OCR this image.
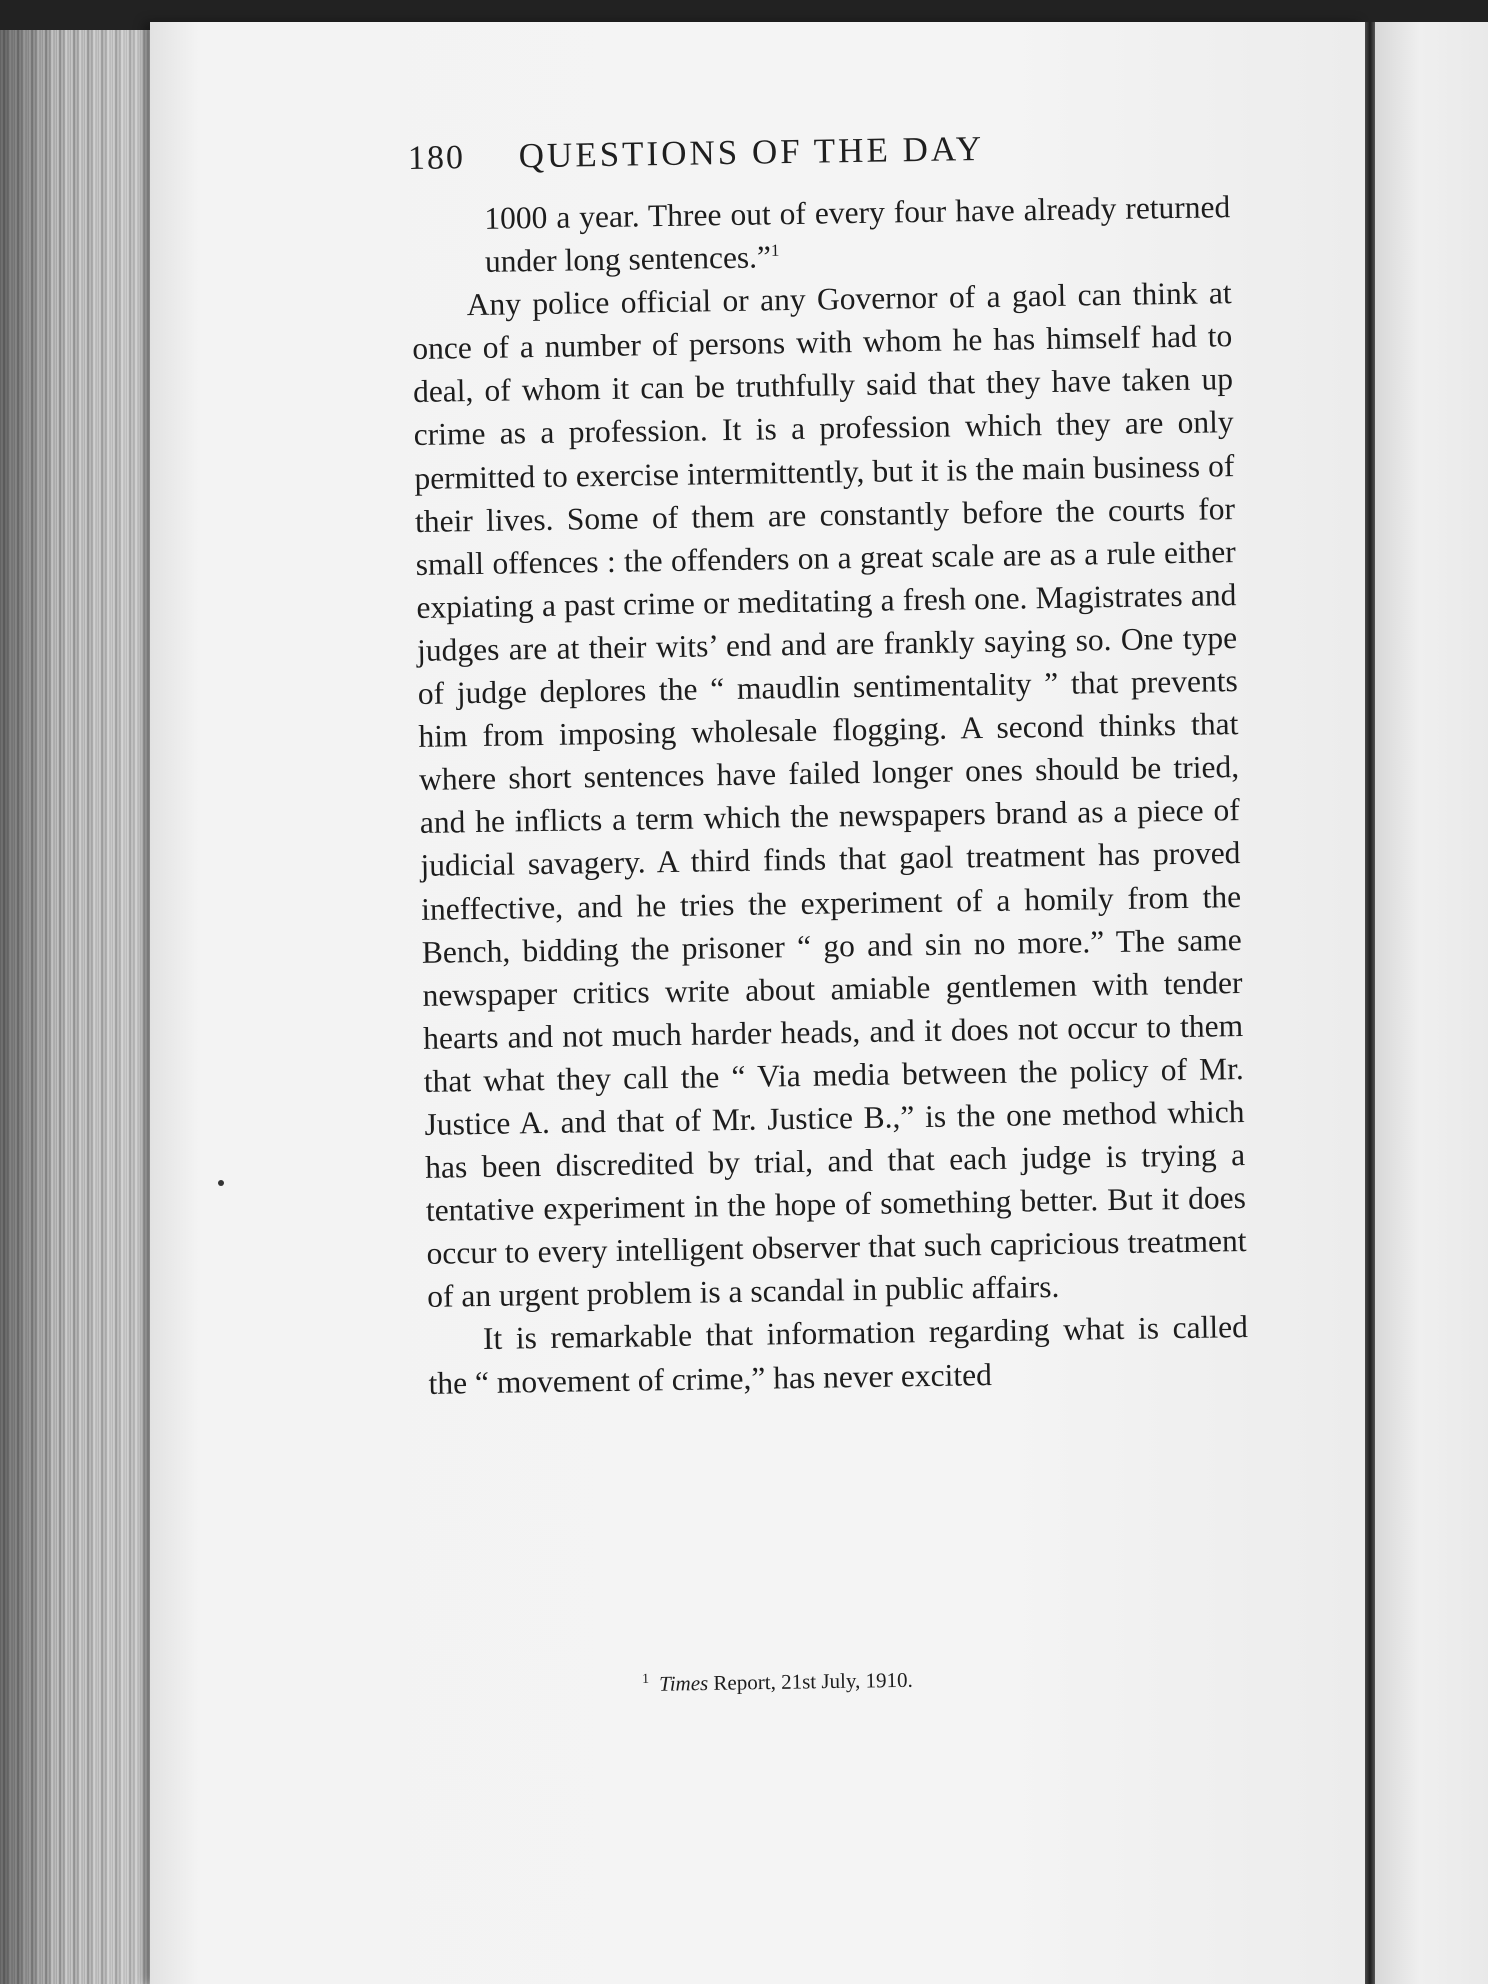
180 QUESTIONS OF THE DAY

1000 a year. Three out of every four have already returned under long sentences.”$^1$

Any police official or any Governor of a gaol can think at once of a number of persons with whom he has himself had to deal, of whom it can be truthfully said that they have taken up crime as a profession. It is a profession which they are only permitted to exercise intermittently, but it is the main business of their lives. Some of them are constantly before the courts for small offences : the offenders on a great scale are as a rule either expiating a past crime or meditating a fresh one. Magistrates and judges are at their wits’ end and are frankly saying so. One type of judge deplores the “ maudlin sentimentality ” that prevents him from imposing wholesale flogging. A second thinks that where short sentences have failed longer ones should be tried, and he inflicts a term which the newspapers brand as a piece of judicial savagery. A third finds that gaol treatment has proved ineffective, and he tries the experiment of a homily from the Bench, bidding the prisoner “ go and sin no more.” The same newspaper critics write about amiable gentlemen with tender hearts and not much harder heads, and it does not occur to them that what they call the “ Via media between the policy of Mr. Justice A. and that of Mr. Justice B.,” is the one method which has been discredited by trial, and that each judge is trying a tentative experiment in the hope of something better. But it does occur to every intelligent observer that such capricious treatment of an urgent problem is a scandal in public affairs.

It is remarkable that information regarding what is called the “ movement of crime,” has never excited

$^1$ Times Report, 21st July, 1910.
